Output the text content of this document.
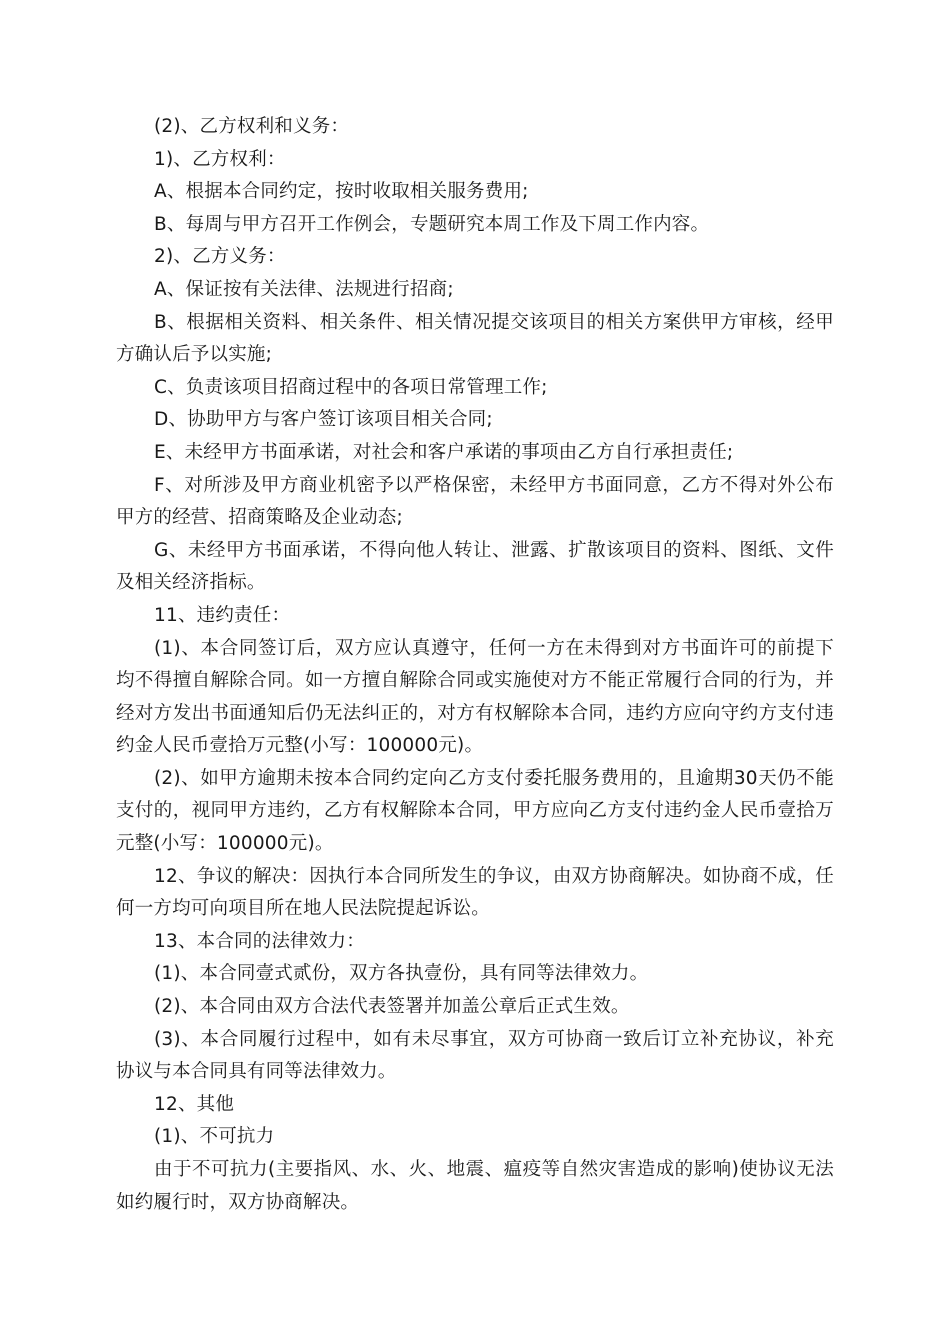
(2)、乙方权利和义务：

1)、乙方权利：

A、根据本合同约定，按时收取相关服务费用;

B、每周与甲方召开工作例会，专题研究本周工作及下周工作内容。

2)、乙方义务：

A、保证按有关法律、法规进行招商;

B、根据相关资料、相关条件、相关情况提交该项目的相关方案供甲方审核，经甲方确认后予以实施;

C、负责该项目招商过程中的各项日常管理工作;

D、协助甲方与客户签订该项目相关合同;

E、未经甲方书面承诺，对社会和客户承诺的事项由乙方自行承担责任;

F、对所涉及甲方商业机密予以严格保密，未经甲方书面同意，乙方不得对外公布甲方的经营、招商策略及企业动态;

G、未经甲方书面承诺，不得向他人转让、泄露、扩散该项目的资料、图纸、文件及相关经济指标。

11、违约责任：

(1)、本合同签订后，双方应认真遵守，任何一方在未得到对方书面许可的前提下均不得擅自解除合同。如一方擅自解除合同或实施使对方不能正常履行合同的行为，并经对方发出书面通知后仍无法纠正的，对方有权解除本合同，违约方应向守约方支付违约金人民币壹拾万元整(小写：100000元)。

(2)、如甲方逾期未按本合同约定向乙方支付委托服务费用的，且逾期30天仍不能支付的，视同甲方违约，乙方有权解除本合同，甲方应向乙方支付违约金人民币壹拾万元整(小写：100000元)。

12、争议的解决：因执行本合同所发生的争议，由双方协商解决。如协商不成，任何一方均可向项目所在地人民法院提起诉讼。

13、本合同的法律效力：

(1)、本合同壹式贰份，双方各执壹份，具有同等法律效力。

(2)、本合同由双方合法代表签署并加盖公章后正式生效。

(3)、本合同履行过程中，如有未尽事宜，双方可协商一致后订立补充协议，补充协议与本合同具有同等法律效力。

12、其他

(1)、不可抗力

由于不可抗力(主要指风、水、火、地震、瘟疫等自然灾害造成的影响)使协议无法如约履行时，双方协商解决。
